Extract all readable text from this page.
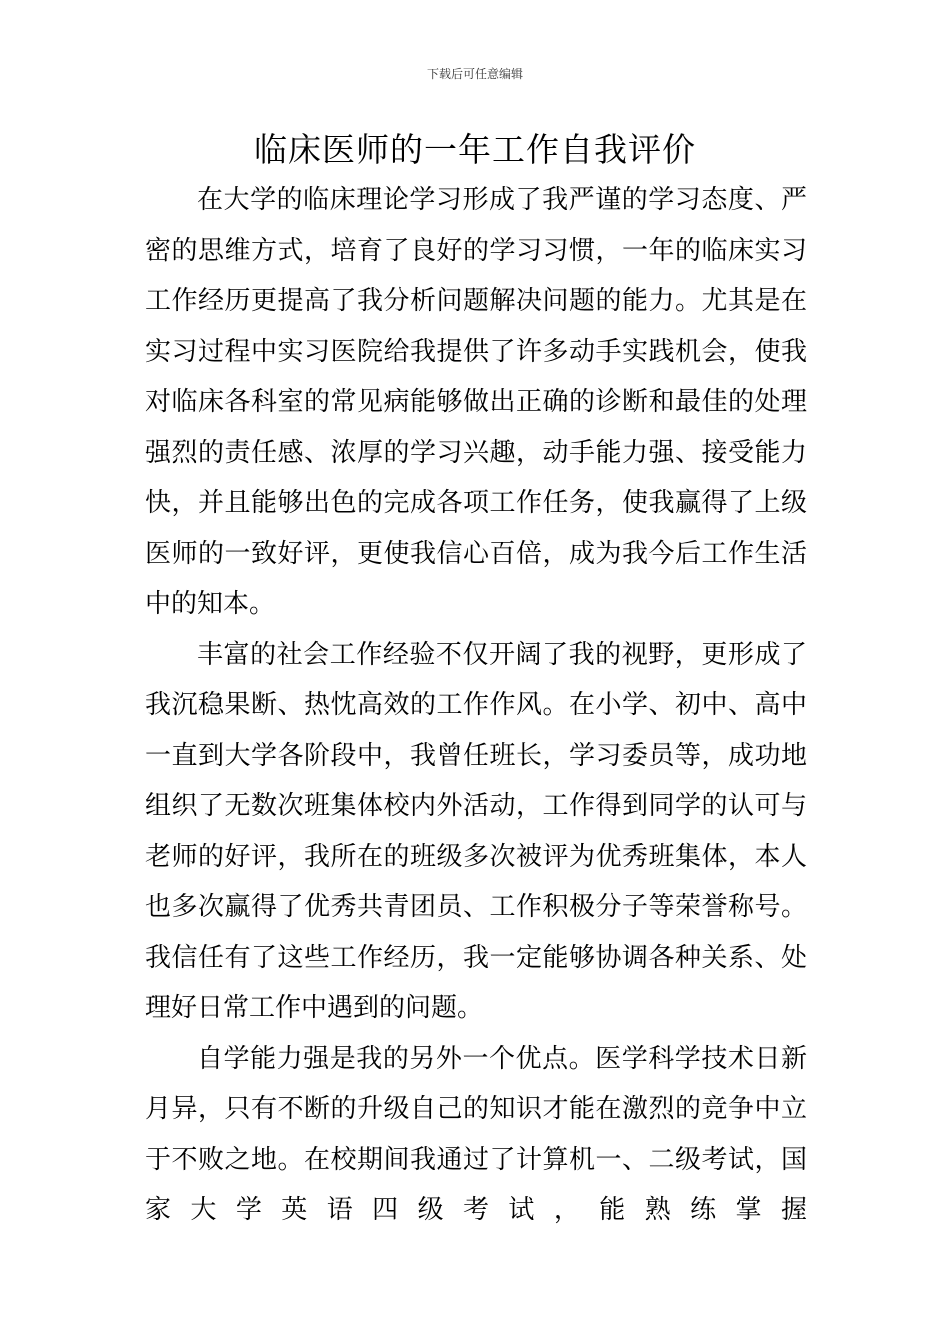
下载后可任意编辑
临床医师的一年工作自我评价

在大学的临床理论学习形成了我严谨的学习态度、严密的思维方式，培育了良好的学习习惯，一年的临床实习工作经历更提高了我分析问题解决问题的能力。尤其是在实习过程中实习医院给我提供了许多动手实践机会，使我对临床各科室的常见病能够做出正确的诊断和最佳的处理强烈的责任感、浓厚的学习兴趣，动手能力强、接受能力快，并且能够出色的完成各项工作任务，使我赢得了上级医师的一致好评，更使我信心百倍，成为我今后工作生活中的知本。

丰富的社会工作经验不仅开阔了我的视野，更形成了我沉稳果断、热忱高效的工作作风。在小学、初中、高中一直到大学各阶段中，我曾任班长，学习委员等，成功地组织了无数次班集体校内外活动，工作得到同学的认可与老师的好评，我所在的班级多次被评为优秀班集体，本人也多次赢得了优秀共青团员、工作积极分子等荣誉称号。我信任有了这些工作经历，我一定能够协调各种关系、处理好日常工作中遇到的问题。

自学能力强是我的另外一个优点。医学科学技术日新月异，只有不断的升级自己的知识才能在激烈的竞争中立于不败之地。在校期间我通过了计算机一、二级考试，国家大学英语四级考试，能熟练掌握
